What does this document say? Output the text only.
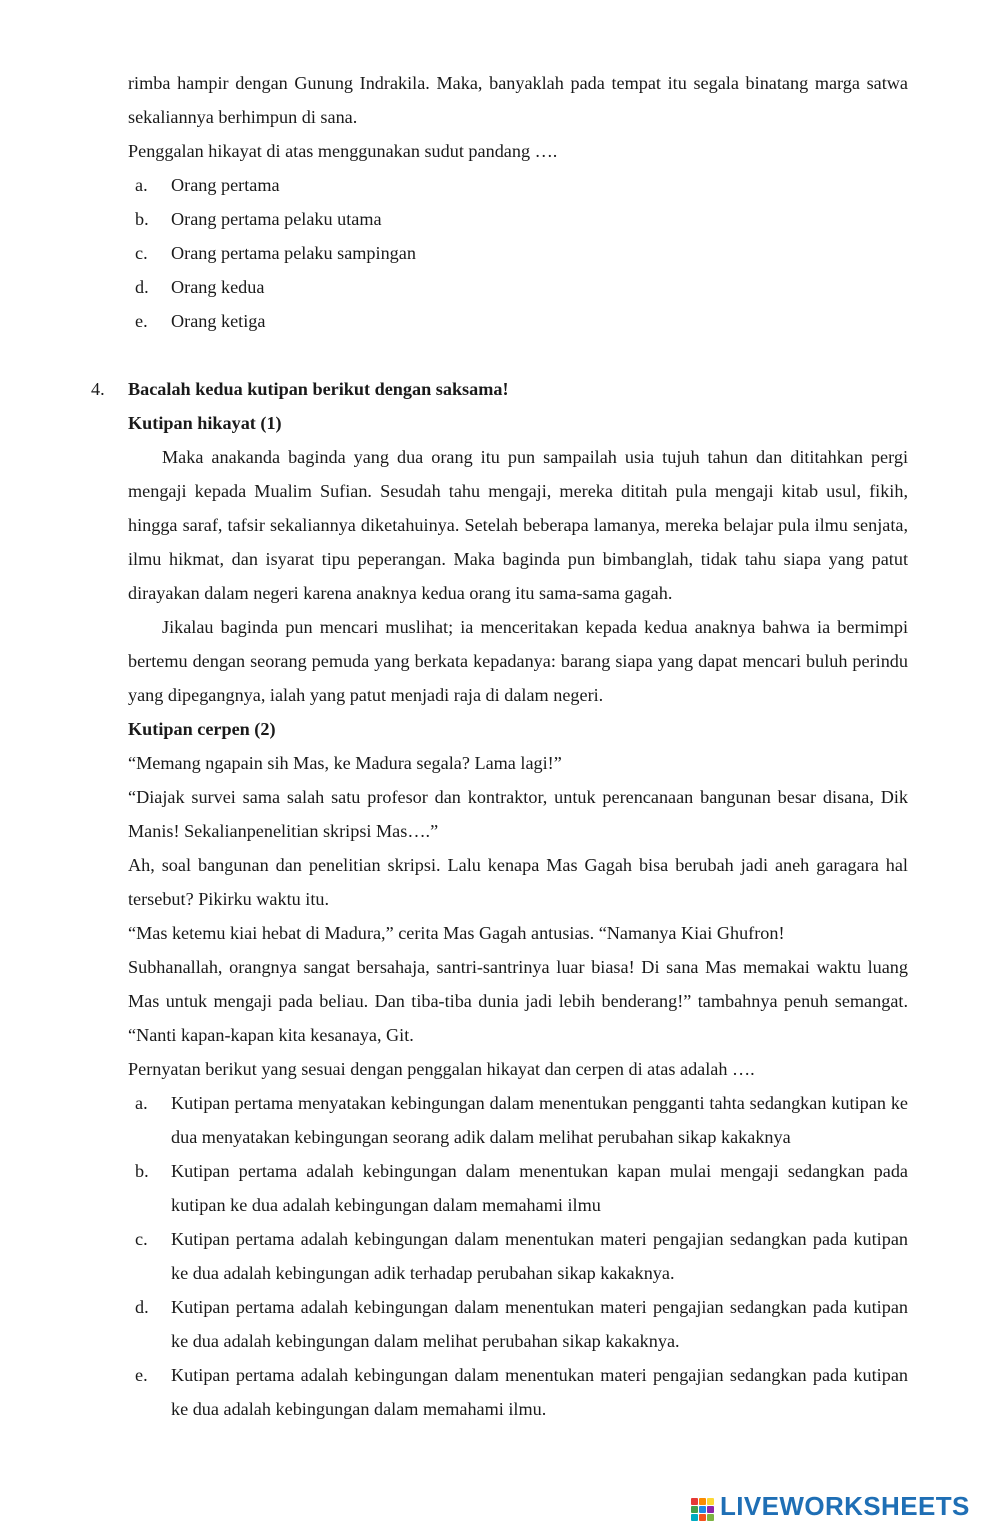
rimba hampir dengan Gunung Indrakila. Maka, banyaklah pada tempat itu segala binatang marga satwa sekaliannya berhimpun di sana.

Penggalan hikayat di atas menggunakan sudut pandang ….

a. Orang pertama
b. Orang pertama pelaku utama
c. Orang pertama pelaku sampingan
d. Orang kedua
e. Orang ketiga
4. Bacalah kedua kutipan berikut dengan saksama!

Kutipan hikayat (1)

Maka anakanda baginda yang dua orang itu pun sampailah usia tujuh tahun dan dititahkan pergi mengaji kepada Mualim Sufian. Sesudah tahu mengaji, mereka dititah pula mengaji kitab usul, fikih, hingga saraf, tafsir sekaliannya diketahuinya. Setelah beberapa lamanya, mereka belajar pula ilmu senjata, ilmu hikmat, dan isyarat tipu peperangan. Maka baginda pun bimbanglah, tidak tahu siapa yang patut dirayakan dalam negeri karena anaknya kedua orang itu sama-sama gagah.

Jikalau baginda pun mencari muslihat; ia menceritakan kepada kedua anaknya bahwa ia bermimpi bertemu dengan seorang pemuda yang berkata kepadanya: barang siapa yang dapat mencari buluh perindu yang dipegangnya, ialah yang patut menjadi raja di dalam negeri.

Kutipan cerpen (2)

“Memang ngapain sih Mas, ke Madura segala? Lama lagi!”

“Diajak survei sama salah satu profesor dan kontraktor, untuk perencanaan bangunan besar disana, Dik Manis! Sekalianpenelitian skripsi Mas….”

Ah, soal bangunan dan penelitian skripsi. Lalu kenapa Mas Gagah bisa berubah jadi aneh garagara hal tersebut? Pikirku waktu itu.

“Mas ketemu kiai hebat di Madura,” cerita Mas Gagah antusias. “Namanya Kiai Ghufron!

Subhanallah, orangnya sangat bersahaja, santri-santrinya luar biasa! Di sana Mas memakai waktu luang Mas untuk mengaji pada beliau. Dan tiba-tiba dunia jadi lebih benderang!” tambahnya penuh semangat. “Nanti kapan-kapan kita kesanaya, Git.

Pernyatan berikut yang sesuai dengan penggalan hikayat dan cerpen di atas adalah ….

a. Kutipan pertama menyatakan kebingungan dalam menentukan pengganti tahta sedangkan kutipan ke dua menyatakan kebingungan seorang adik dalam melihat perubahan sikap kakaknya
b. Kutipan pertama adalah kebingungan dalam menentukan kapan mulai mengaji sedangkan pada kutipan ke dua adalah kebingungan dalam memahami ilmu
c. Kutipan pertama adalah kebingungan dalam menentukan materi pengajian sedangkan pada kutipan ke dua adalah kebingungan adik terhadap perubahan sikap kakaknya.
d. Kutipan pertama adalah kebingungan dalam menentukan materi pengajian sedangkan pada kutipan ke dua adalah kebingungan dalam melihat perubahan sikap kakaknya.
e. Kutipan pertama adalah kebingungan dalam menentukan materi pengajian sedangkan pada kutipan ke dua adalah kebingungan dalam memahami ilmu.
LIVEWORKSHEETS
